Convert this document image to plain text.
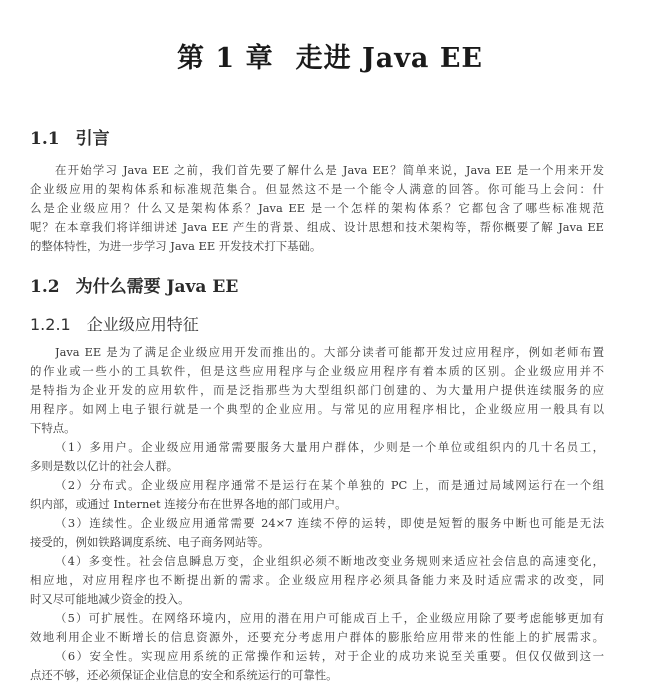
第 1 章 走进 Java EE
1.1 引言
在开始学习 Java EE 之前，我们首先要了解什么是 Java EE？简单来说，Java EE 是一个用来开发
企业级应用的架构体系和标准规范集合。但显然这不是一个能令人满意的回答。你可能马上会问：什
么是企业级应用？什么又是架构体系？Java EE 是一个怎样的架构体系？它都包含了哪些标准规范
呢？在本章我们将详细讲述 Java EE 产生的背景、组成、设计思想和技术架构等，帮你概要了解 Java EE
的整体特性，为进一步学习 Java EE 开发技术打下基础。
1.2 为什么需要 Java EE
1.2.1 企业级应用特征
Java EE 是为了满足企业级应用开发而推出的。大部分读者可能都开发过应用程序，例如老师布置
的作业或一些小的工具软件，但是这些应用程序与企业级应用程序有着本质的区别。企业级应用并不
是特指为企业开发的应用软件，而是泛指那些为大型组织部门创建的、为大量用户提供连续服务的应
用程序。如网上电子银行就是一个典型的企业应用。与常见的应用程序相比，企业级应用一般具有以
下特点。
（1）多用户。企业级应用通常需要服务大量用户群体，少则是一个单位或组织内的几十名员工，
多则是数以亿计的社会人群。
（2）分布式。企业级应用程序通常不是运行在某个单独的 PC 上，而是通过局域网运行在一个组
织内部，或通过 Internet 连接分布在世界各地的部门或用户。
（3）连续性。企业级应用通常需要 24×7 连续不停的运转，即使是短暂的服务中断也可能是无法
接受的，例如铁路调度系统、电子商务网站等。
（4）多变性。社会信息瞬息万变，企业组织必须不断地改变业务规则来适应社会信息的高速变化，
相应地，对应用程序也不断提出新的需求。企业级应用程序必须具备能力来及时适应需求的改变，同
时又尽可能地减少资金的投入。
（5）可扩展性。在网络环境内，应用的潜在用户可能成百上千，企业级应用除了要考虑能够更加有
效地利用企业不断增长的信息资源外，还要充分考虑用户群体的膨胀给应用带来的性能上的扩展需求。
（6）安全性。实现应用系统的正常操作和运转，对于企业的成功来说至关重要。但仅仅做到这一
点还不够，还必须保证企业信息的安全和系统运行的可靠性。
